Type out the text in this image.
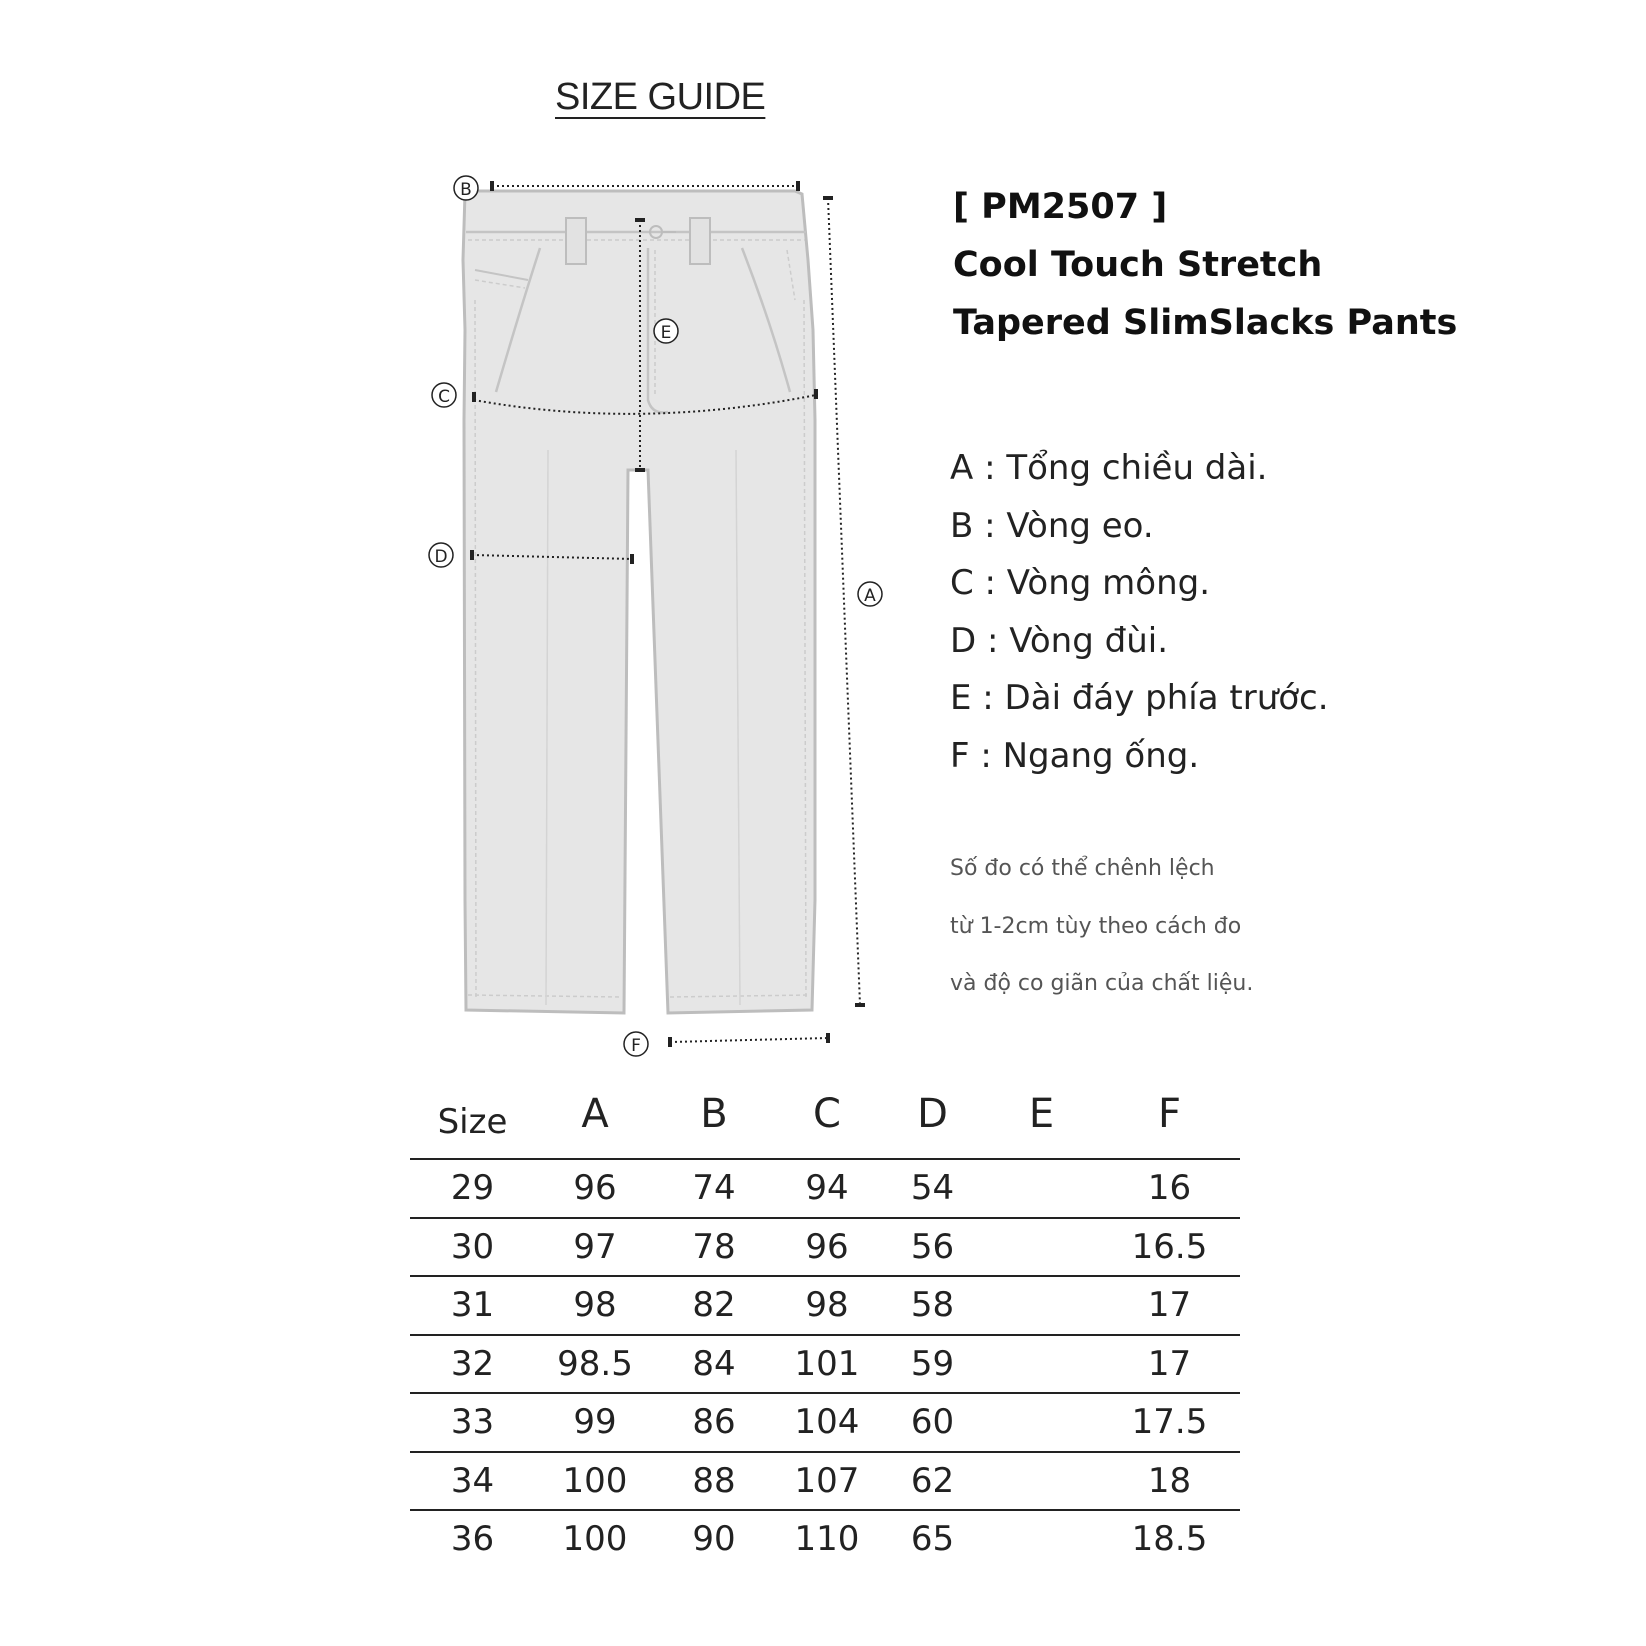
SIZE GUIDE
B
A
E
C
D
F
[ PM2507 ]
Cool Touch Stretch
Tapered SlimSlacks Pants
A : Tổng chiều dài.
B : Vòng eo.
C : Vòng mông.
D : Vòng đùi.
E : Dài đáy phía trước.
F : Ngang ống.
Số đo có thể chênh lệch
từ 1-2cm tùy theo cách đo
và độ co giãn của chất liệu.
Size	A	B	C	D	E	F
29	96	74	94	54		16
30	97	78	96	56		16.5
31	98	82	98	58		17
32	98.5	84	101	59		17
33	99	86	104	60		17.5
34	100	88	107	62		18
36	100	90	110	65		18.5
